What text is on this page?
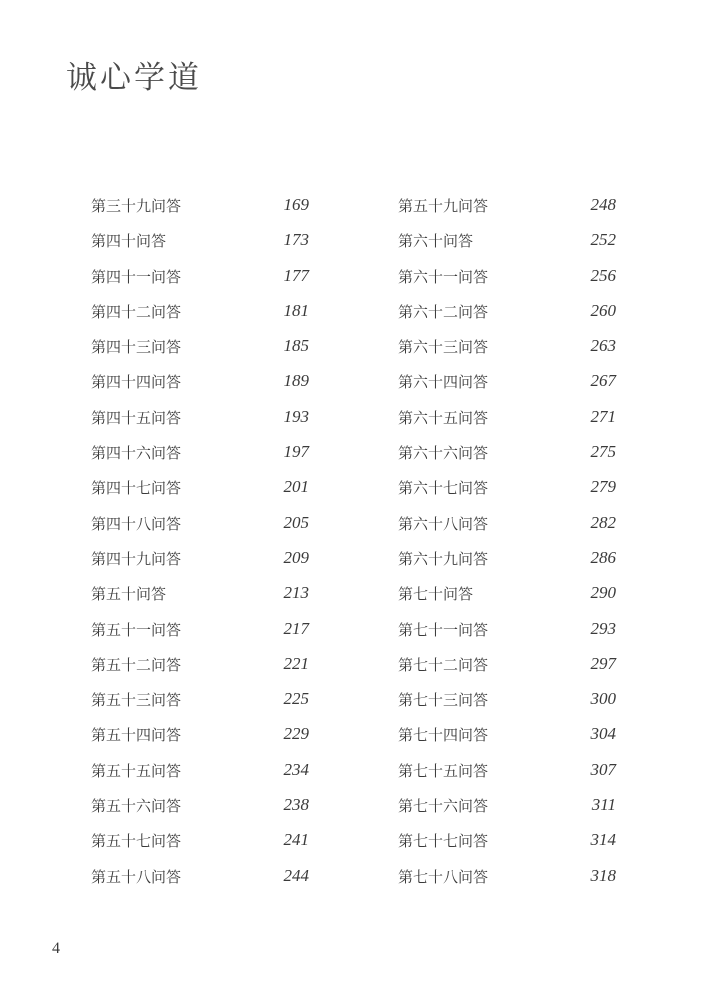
诚心学道
第三十九问答	169
第四十问答	173
第四十一问答	177
第四十二问答	181
第四十三问答	185
第四十四问答	189
第四十五问答	193
第四十六问答	197
第四十七问答	201
第四十八问答	205
第四十九问答	209
第五十问答	213
第五十一问答	217
第五十二问答	221
第五十三问答	225
第五十四问答	229
第五十五问答	234
第五十六问答	238
第五十七问答	241
第五十八问答	244
第五十九问答	248
第六十问答	252
第六十一问答	256
第六十二问答	260
第六十三问答	263
第六十四问答	267
第六十五问答	271
第六十六问答	275
第六十七问答	279
第六十八问答	282
第六十九问答	286
第七十问答	290
第七十一问答	293
第七十二问答	297
第七十三问答	300
第七十四问答	304
第七十五问答	307
第七十六问答	311
第七十七问答	314
第七十八问答	318
4
